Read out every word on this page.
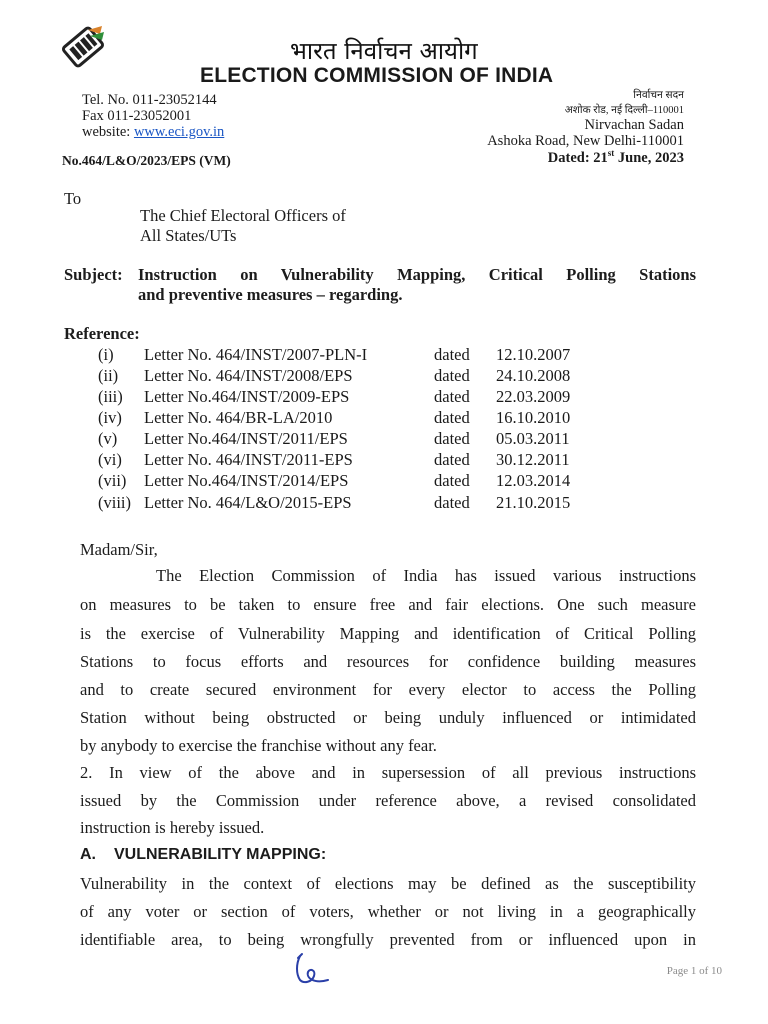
भारत निर्वाचन आयोग
ELECTION COMMISSION OF INDIA
Tel. No. 011-23052144
Fax 011-23052001
website: www.eci.gov.in
निर्वाचन सदन
अशोक रोड, नई दिल्ली–110001
Nirvachan Sadan
Ashoka Road, New Delhi-110001
No.464/L&O/2023/EPS (VM)	Dated: 21st June, 2023
To
The Chief Electoral Officers of
All States/UTs
Subject: Instruction on Vulnerability Mapping, Critical Polling Stations
and preventive measures – regarding.
Reference:
(i) Letter No. 464/INST/2007-PLN-I	dated 12.10.2007
(ii) Letter No. 464/INST/2008/EPS	dated 24.10.2008
(iii) Letter No.464/INST/2009-EPS	dated 22.03.2009
(iv) Letter No. 464/BR-LA/2010	dated 16.10.2010
(v) Letter No.464/INST/2011/EPS	dated 05.03.2011
(vi) Letter No. 464/INST/2011-EPS	dated 30.12.2011
(vii) Letter No.464/INST/2014/EPS	dated 12.03.2014
(viii) Letter No. 464/L&O/2015-EPS	dated 21.10.2015
Madam/Sir,
The Election Commission of India has issued various instructions
on measures to be taken to ensure free and fair elections. One such measure
is the exercise of Vulnerability Mapping and identification of Critical Polling
Stations to focus efforts and resources for confidence building measures
and to create secured environment for every elector to access the Polling
Station without being obstructed or being unduly influenced or intimidated
by anybody to exercise the franchise without any fear.
2. In view of the above and in supersession of all previous instructions
issued by the Commission under reference above, a revised consolidated
instruction is hereby issued.
A. VULNERABILITY MAPPING:
Vulnerability in the context of elections may be defined as the susceptibility
of any voter or section of voters, whether or not living in a geographically
identifiable area, to being wrongfully prevented from or influenced upon in
Page 1 of 10
